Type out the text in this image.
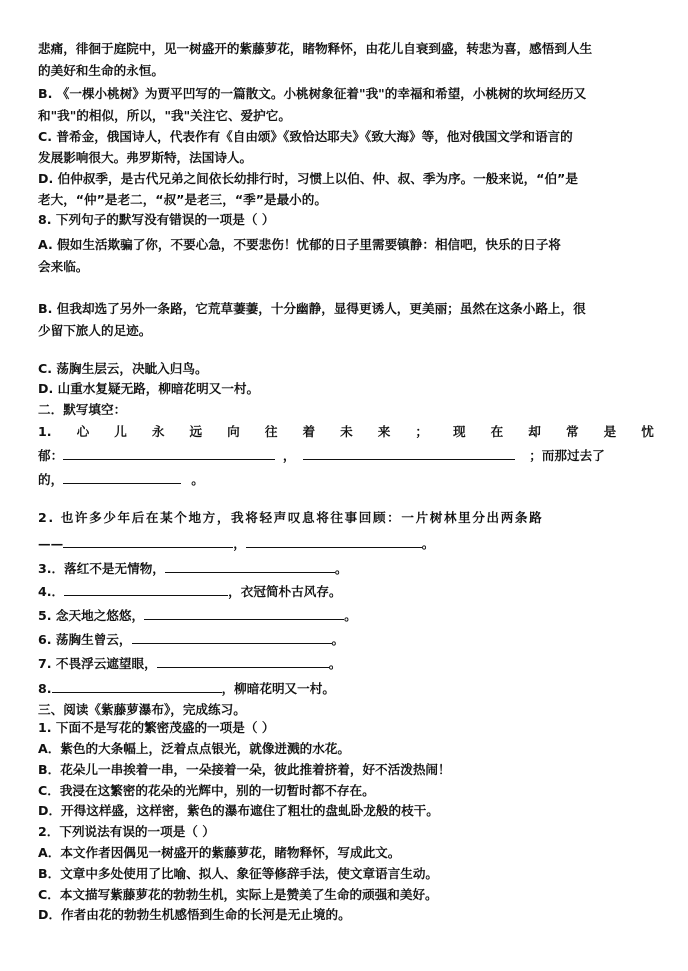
悲痛，徘徊于庭院中，见一树盛开的紫藤萝花，睹物释怀，由花儿自衰到盛，转悲为喜，感悟到人生
的美好和生命的永恒。
B. 《一棵小桃树》为贾平凹写的一篇散文。小桃树象征着"我"的幸福和希望，小桃树的坎坷经历又
和"我"的相似，所以，"我"关注它、爱护它。
C. 普希金，俄国诗人，代表作有《自由颂》《致恰达耶夫》《致大海》等，他对俄国文学和语言的
发展影响很大。弗罗斯特，法国诗人。
D. 伯仲叔季，是古代兄弟之间依长幼排行时，习惯上以伯、仲、叔、季为序。一般来说，“伯”是
老大，“仲”是老二，“叔”是老三，“季”是最小的。
8. 下列句子的默写没有错误的一项是（ ）
A. 假如生活欺骗了你，不要心急，不要悲伤！忧郁的日子里需要镇静：相信吧，快乐的日子将
会来临。
B. 但我却选了另外一条路，它荒草萋萋，十分幽静，显得更诱人，更美丽；虽然在这条小路上，很
少留下旅人的足迹。
C. 荡胸生层云，决眦入归鸟。
D. 山重水复疑无路，柳暗花明又一村。
二．默写填空：
1. 心 儿 永 远 向 往 着 未 来 ； 现 在 却 常 是 忧
郁：	，	；而那过去了
的，	。
2. 也许多少年后在某个地方，我将轻声叹息将往事回顾：一片树林里分出两条路
——	，	。
3.．落红不是无情物，	。
4.．	，衣冠简朴古风存。
5. 念天地之悠悠，	。
6. 荡胸生曾云，	。
7. 不畏浮云遮望眼，	。
8.	，柳暗花明又一村。
三、阅读《紫藤萝瀑布》，完成练习。
1. 下面不是写花的繁密茂盛的一项是（ ）
A．紫色的大条幅上，泛着点点银光，就像迸溅的水花。
B．花朵儿一串挨着一串，一朵接着一朵，彼此推着挤着，好不活泼热闹！
C．我浸在这繁密的花朵的光辉中，别的一切暂时都不存在。
D．开得这样盛，这样密，紫色的瀑布遮住了粗壮的盘虬卧龙般的枝干。
2．下列说法有误的一项是（ ）
A．本文作者因偶见一树盛开的紫藤萝花，睹物释怀，写成此文。
B．文章中多处使用了比喻、拟人、象征等修辞手法，使文章语言生动。
C．本文描写紫藤萝花的勃勃生机，实际上是赞美了生命的顽强和美好。
D．作者由花的勃勃生机感悟到生命的长河是无止境的。
